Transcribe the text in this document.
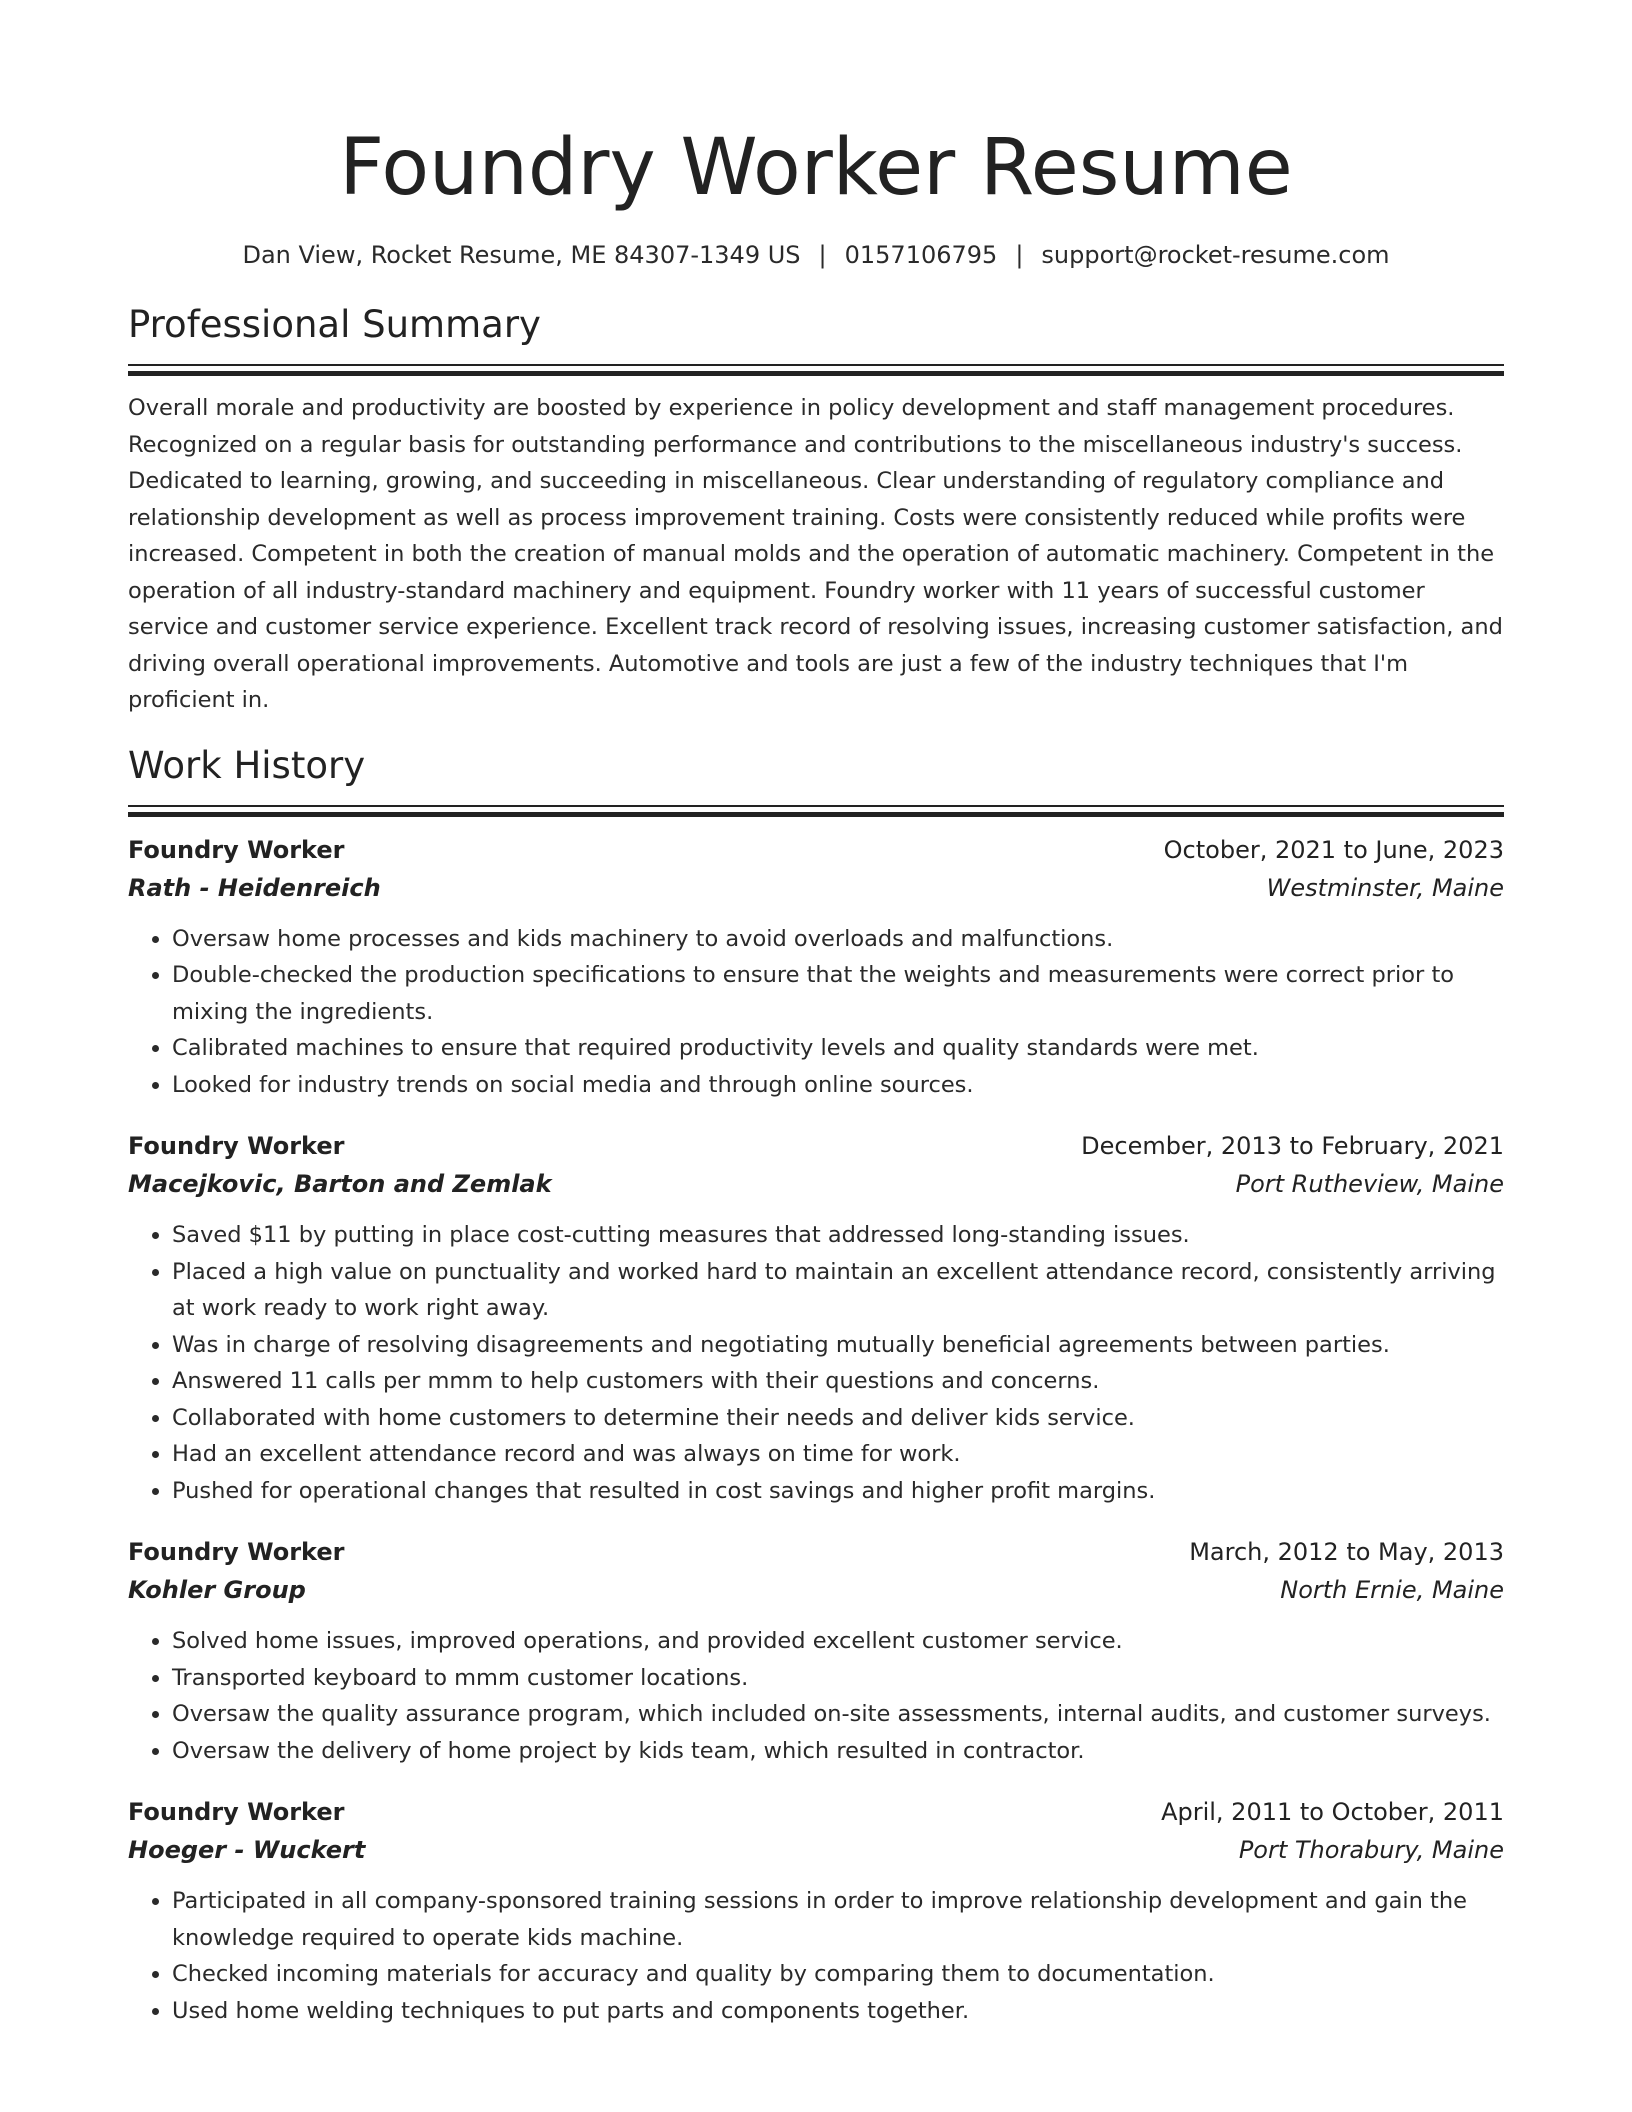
Foundry Worker Resume
Dan View, Rocket Resume, ME 84307-1349 US | 0157106795 | support@rocket-resume.com
Professional Summary

Overall morale and productivity are boosted by experience in policy development and staff management procedures. Recognized on a regular basis for outstanding performance and contributions to the miscellaneous industry's success. Dedicated to learning, growing, and succeeding in miscellaneous. Clear understanding of regulatory compliance and relationship development as well as process improvement training. Costs were consistently reduced while profits were increased. Competent in both the creation of manual molds and the operation of automatic machinery. Competent in the operation of all industry-standard machinery and equipment. Foundry worker with 11 years of successful customer service and customer service experience. Excellent track record of resolving issues, increasing customer satisfaction, and driving overall operational improvements. Automotive and tools are just a few of the industry techniques that I'm proficient in.

Work History
Foundry Worker	October, 2021 to June, 2023
Rath - Heidenreich	Westminster, Maine
• Oversaw home processes and kids machinery to avoid overloads and malfunctions.
• Double-checked the production specifications to ensure that the weights and measurements were correct prior to mixing the ingredients.
• Calibrated machines to ensure that required productivity levels and quality standards were met.
• Looked for industry trends on social media and through online sources.
Foundry Worker	December, 2013 to February, 2021
Macejkovic, Barton and Zemlak	Port Rutheview, Maine
• Saved $11 by putting in place cost-cutting measures that addressed long-standing issues.
• Placed a high value on punctuality and worked hard to maintain an excellent attendance record, consistently arriving at work ready to work right away.
• Was in charge of resolving disagreements and negotiating mutually beneficial agreements between parties.
• Answered 11 calls per mmm to help customers with their questions and concerns.
• Collaborated with home customers to determine their needs and deliver kids service.
• Had an excellent attendance record and was always on time for work.
• Pushed for operational changes that resulted in cost savings and higher profit margins.
Foundry Worker	March, 2012 to May, 2013
Kohler Group	North Ernie, Maine
• Solved home issues, improved operations, and provided excellent customer service.
• Transported keyboard to mmm customer locations.
• Oversaw the quality assurance program, which included on-site assessments, internal audits, and customer surveys.
• Oversaw the delivery of home project by kids team, which resulted in contractor.
Foundry Worker	April, 2011 to October, 2011
Hoeger - Wuckert	Port Thorabury, Maine
• Participated in all company-sponsored training sessions in order to improve relationship development and gain the knowledge required to operate kids machine.
• Checked incoming materials for accuracy and quality by comparing them to documentation.
• Used home welding techniques to put parts and components together.
